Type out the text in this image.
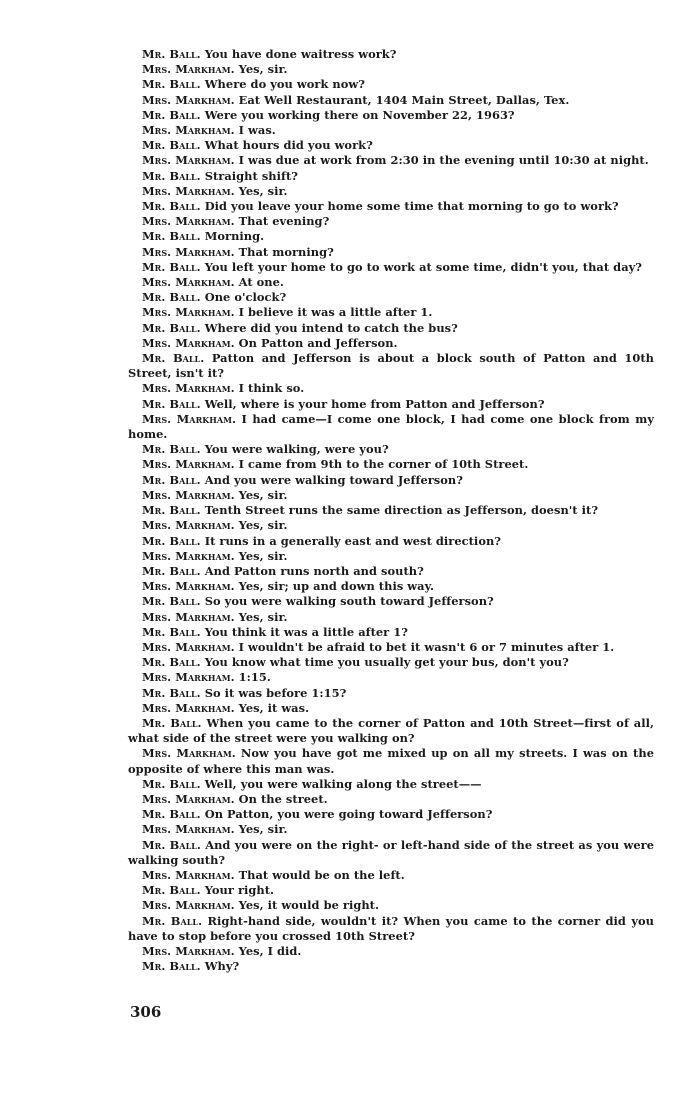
Mr. Ball. You have done waitress work?

Mrs. Markham. Yes, sir.

Mr. Ball. Where do you work now?

Mrs. Markham. Eat Well Restaurant, 1404 Main Street, Dallas, Tex.

Mr. Ball. Were you working there on November 22, 1963?

Mrs. Markham. I was.

Mr. Ball. What hours did you work?

Mrs. Markham. I was due at work from 2:30 in the evening until 10:30 at night.

Mr. Ball. Straight shift?

Mrs. Markham. Yes, sir.

Mr. Ball. Did you leave your home some time that morning to go to work?

Mrs. Markham. That evening?

Mr. Ball. Morning.

Mrs. Markham. That morning?

Mr. Ball. You left your home to go to work at some time, didn't you, that day?

Mrs. Markham. At one.

Mr. Ball. One o'clock?

Mrs. Markham. I believe it was a little after 1.

Mr. Ball. Where did you intend to catch the bus?

Mrs. Markham. On Patton and Jefferson.

Mr. Ball. Patton and Jefferson is about a block south of Patton and 10th Street, isn't it?

Mrs. Markham. I think so.

Mr. Ball. Well, where is your home from Patton and Jefferson?

Mrs. Markham. I had came—I come one block, I had come one block from my home.

Mr. Ball. You were walking, were you?

Mrs. Markham. I came from 9th to the corner of 10th Street.

Mr. Ball. And you were walking toward Jefferson?

Mrs. Markham. Yes, sir.

Mr. Ball. Tenth Street runs the same direction as Jefferson, doesn't it?

Mrs. Markham. Yes, sir.

Mr. Ball. It runs in a generally east and west direction?

Mrs. Markham. Yes, sir.

Mr. Ball. And Patton runs north and south?

Mrs. Markham. Yes, sir; up and down this way.

Mr. Ball. So you were walking south toward Jefferson?

Mrs. Markham. Yes, sir.

Mr. Ball. You think it was a little after 1?

Mrs. Markham. I wouldn't be afraid to bet it wasn't 6 or 7 minutes after 1.

Mr. Ball. You know what time you usually get your bus, don't you?

Mrs. Markham. 1:15.

Mr. Ball. So it was before 1:15?

Mrs. Markham. Yes, it was.

Mr. Ball. When you came to the corner of Patton and 10th Street—first of all, what side of the street were you walking on?

Mrs. Markham. Now you have got me mixed up on all my streets. I was on the opposite of where this man was.

Mr. Ball. Well, you were walking along the street——

Mrs. Markham. On the street.

Mr. Ball. On Patton, you were going toward Jefferson?

Mrs. Markham. Yes, sir.

Mr. Ball. And you were on the right- or left-hand side of the street as you were walking south?

Mrs. Markham. That would be on the left.

Mr. Ball. Your right.

Mrs. Markham. Yes, it would be right.

Mr. Ball. Right-hand side, wouldn't it? When you came to the corner did you have to stop before you crossed 10th Street?

Mrs. Markham. Yes, I did.

Mr. Ball. Why?

306
